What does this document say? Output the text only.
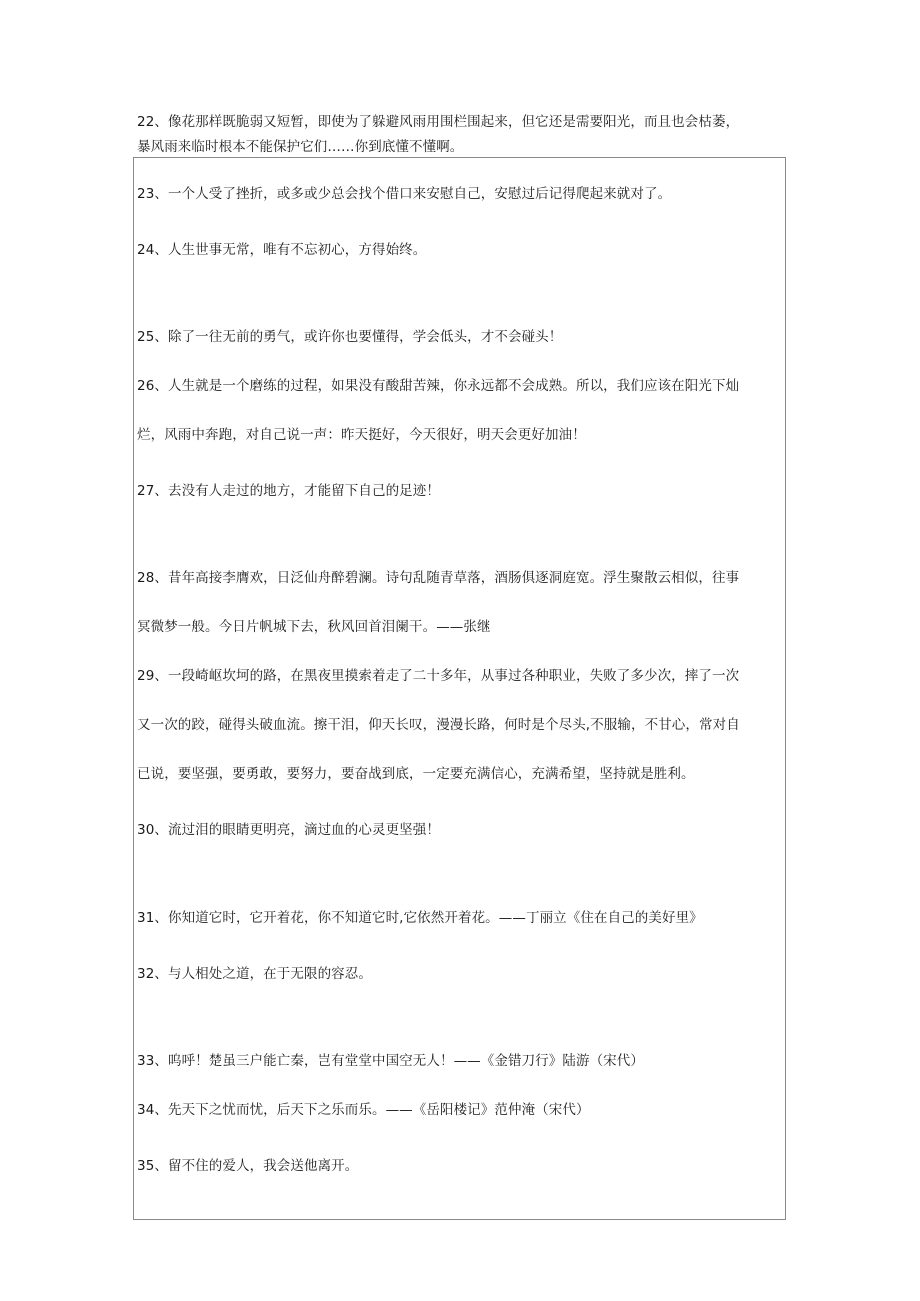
22、像花那样既脆弱又短暂，即使为了躲避风雨用围栏围起来，但它还是需要阳光，而且也会枯萎，
暴风雨来临时根本不能保护它们……你到底懂不懂啊。
23、一个人受了挫折，或多或少总会找个借口来安慰自己，安慰过后记得爬起来就对了。
24、人生世事无常，唯有不忘初心，方得始终。
25、除了一往无前的勇气，或许你也要懂得，学会低头，才不会碰头！
26、人生就是一个磨练的过程，如果没有酸甜苦辣，你永远都不会成熟。所以，我们应该在阳光下灿
烂，风雨中奔跑，对自己说一声：昨天挺好，今天很好，明天会更好加油！
27、去没有人走过的地方，才能留下自己的足迹！
28、昔年高接李膺欢，日泛仙舟醉碧澜。诗句乱随青草落，酒肠俱逐洞庭宽。浮生聚散云相似，往事
冥微梦一般。今日片帆城下去，秋风回首泪阑干。——张继
29、一段崎岖坎坷的路，在黑夜里摸索着走了二十多年，从事过各种职业，失败了多少次，摔了一次
又一次的跤，碰得头破血流。擦干泪，仰天长叹，漫漫长路，何时是个尽头,不服输，不甘心，常对自
已说，要坚强，要勇敢，要努力，要奋战到底，一定要充满信心，充满希望，坚持就是胜利。
30、流过泪的眼睛更明亮，滴过血的心灵更坚强！
31、你知道它时，它开着花，你不知道它时,它依然开着花。——丁丽立《住在自己的美好里》
32、与人相处之道，在于无限的容忍。
33、呜呼！楚虽三户能亡秦，岂有堂堂中国空无人！——《金错刀行》陆游（宋代）
34、先天下之忧而忧，后天下之乐而乐。——《岳阳楼记》范仲淹（宋代）
35、留不住的爱人，我会送他离开。
